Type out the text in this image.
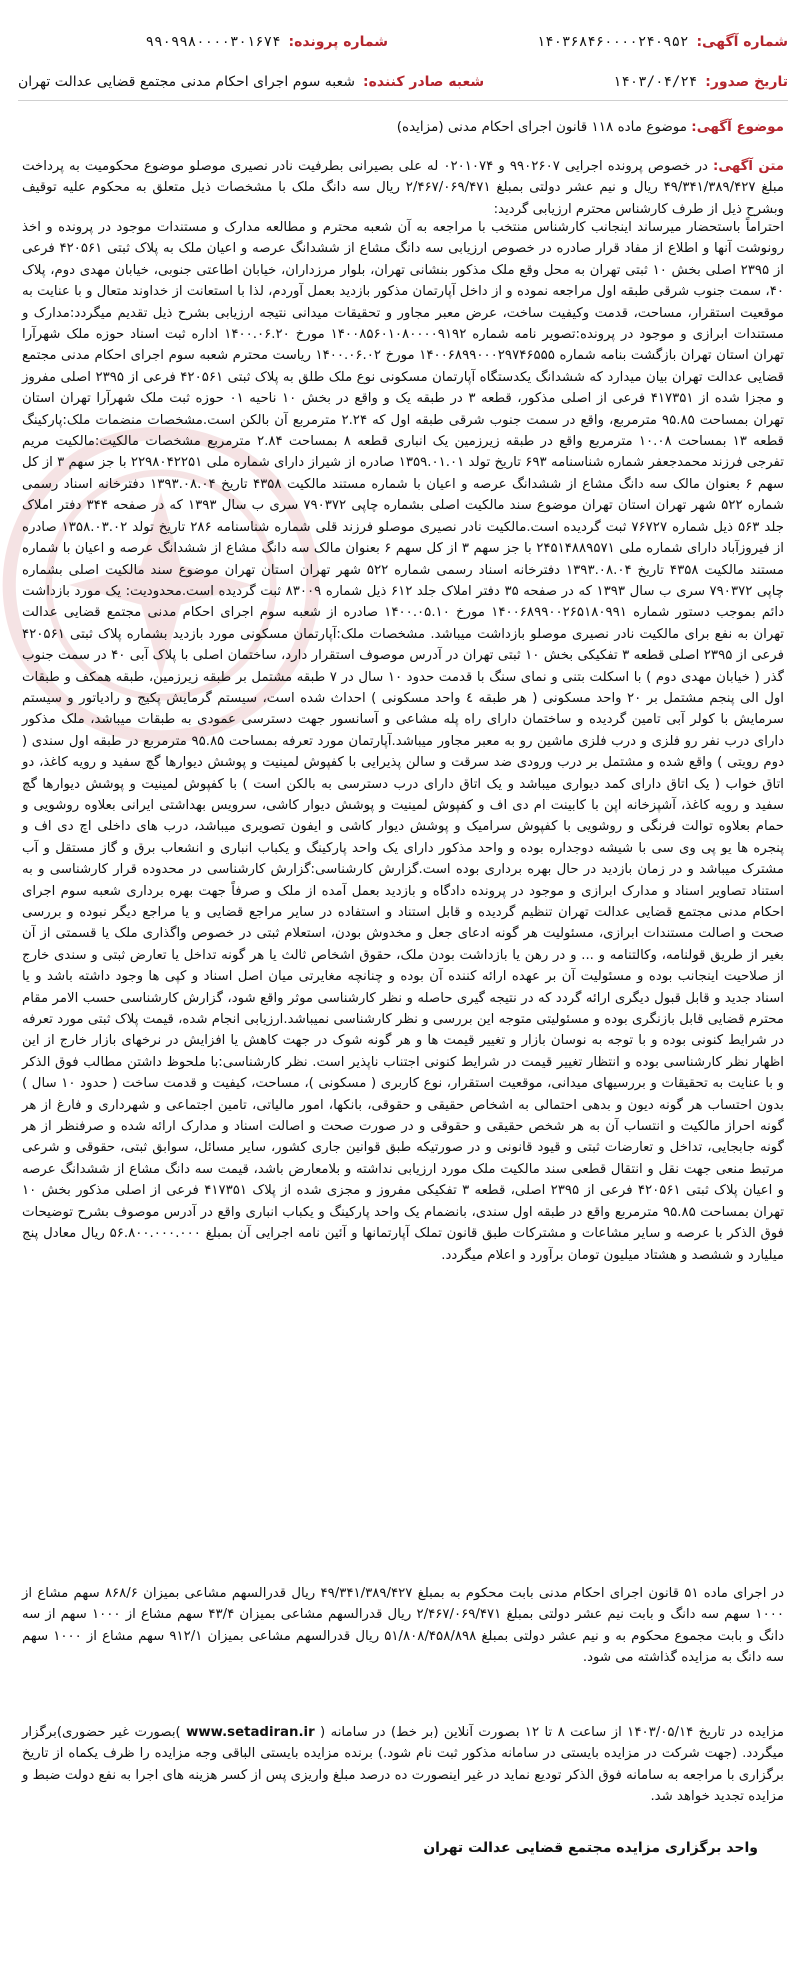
شماره آگهی:
۱۴۰۳۶۸۴۶۰۰۰۰۲۴۰۹۵۲
شماره پرونده:
۹۹۰۹۹۸۰۰۰۰۳۰۱۶۷۴
تاریخ صدور:
۱۴۰۳/۰۴/۲۴
شعبه صادر کننده:
شعبه سوم اجرای احکام مدنی مجتمع قضایی عدالت تهران
موضوع آگهی: موضوع ماده ۱۱۸ قانون اجرای احکام مدنی (مزایده)
متن آگهی: در خصوص پرونده اجرایی ۹۹۰۲۶۰۷ و ۰۲۰۱۰۷۴ له علی بصیرانی بطرفیت نادر نصیری موصلو موضوع محکومیت به پرداخت مبلغ ۴۹/۳۴۱/۳۸۹/۴۲۷ ریال و نیم عشر دولتی بمبلغ ۲/۴۶۷/۰۶۹/۴۷۱ ریال سه دانگ ملک با مشخصات ذیل متعلق به محکوم علیه توقیف وبشرح ذیل از طرف کارشناس محترم ارزیابی گردید:
احتراماً باستحضار میرساند اینجانب کارشناس منتخب با مراجعه به آن شعبه محترم و مطالعه مدارک و مستندات موجود در پرونده و اخذ رونوشت آنها و اطلاع از مفاد قرار صادره در خصوص ارزیابی سه دانگ مشاع از ششدانگ عرصه و اعیان ملک به پلاک ثبتی ۴۲۰۵۶۱ فرعی از ۲۳۹۵ اصلی بخش ۱۰ ثبتی تهران به محل وقع ملک مذکور بنشانی تهران، بلوار مرزداران، خیابان اطاعتی جنوبی، خیابان مهدی دوم، پلاک ۴۰، سمت جنوب شرقی طبقه اول مراجعه نموده و از داخل آپارتمان مذکور بازدید بعمل آوردم، لذا با استعانت از خداوند متعال و با عنایت به موقعیت استقرار، مساحت، قدمت وکیفیت ساخت، عرض معبر مجاور و تحقیقات میدانی نتیجه ارزیابی بشرح ذیل تقدیم میگردد:مدارک و مستندات ابرازی و موجود در پرونده:تصویر نامه شماره ۱۴۰۰۸۵۶۰۱۰۸۰۰۰۰۹۱۹۲ مورخ ۱۴۰۰.۰۶.۲۰ اداره ثبت اسناد حوزه ملک شهرآرا تهران استان تهران بازگشت بنامه شماره ۱۴۰۰۶۸۹۹۰۰۰۲۹۷۴۶۵۵۵ مورخ ۱۴۰۰.۰۶.۰۲ ریاست محترم شعبه سوم اجرای احکام مدنی مجتمع قضایی عدالت تهران بیان میدارد که ششدانگ یکدستگاه آپارتمان مسکونی نوع ملک طلق به پلاک ثبتی ۴۲۰۵۶۱ فرعی از ۲۳۹۵ اصلی مفروز و مجزا شده از ۴۱۷۳۵۱ فرعی از اصلی مذکور، قطعه ۳ در طبقه یک و واقع در بخش ۱۰ ناحیه ۰۱ حوزه ثبت ملک شهرآرا تهران استان تهران بمساحت ۹۵.۸۵ مترمربع، واقع در سمت جنوب شرقی طبقه اول که ۲.۲۴ مترمربع آن بالکن است.مشخصات منضمات ملک:پارکینگ قطعه ۱۳ بمساحت ۱۰.۰۸ مترمربع واقع در طبقه زیرزمین یک انباری قطعه ۸ بمساحت ۲.۸۴ مترمربع مشخصات مالکیت:مالکیت مریم تفرجی فرزند محمدجعفر شماره شناسنامه ۶۹۳ تاریخ تولد ۱۳۵۹.۰۱.۰۱ صادره از شیراز دارای شماره ملی ۲۲۹۸۰۴۲۲۵۱ با جز سهم ۳ از کل سهم ۶ بعنوان مالک سه دانگ مشاع از ششدانگ عرصه و اعیان با شماره مستند مالکیت ۴۳۵۸ تاریخ ۱۳۹۳.۰۸.۰۴ دفترخانه اسناد رسمی شماره ۵۲۲ شهر تهران استان تهران موضوع سند مالکیت اصلی بشماره چاپی ۷۹۰۳۷۲ سری ب سال ۱۳۹۳ که در صفحه ۳۴۴ دفتر املاک جلد ۵۶۳ ذیل شماره ۷۶۷۲۷ ثبت گردیده است.مالکیت نادر نصیری موصلو فرزند قلی شماره شناسنامه ۲۸۶ تاریخ تولد ۱۳۵۸.۰۳.۰۲ صادره از فیروزآباد دارای شماره ملی ۲۴۵۱۴۸۸۹۵۷۱ با جز سهم ۳ از کل سهم ۶ بعنوان مالک سه دانگ مشاع از ششدانگ عرصه و اعیان با شماره مستند مالکیت ۴۳۵۸ تاریخ ۱۳۹۳.۰۸.۰۴ دفترخانه اسناد رسمی شماره ۵۲۲ شهر تهران استان تهران موضوع سند مالکیت اصلی بشماره چاپی ۷۹۰۳۷۲ سری ب سال ۱۳۹۳ که در صفحه ۳۵ دفتر املاک جلد ۶۱۲ ذیل شماره ۸۳۰۰۹ ثبت گردیده است.محدودیت: یک مورد بازداشت دائم بموجب دستور شماره ۱۴۰۰۶۸۹۹۰۰۲۶۵۱۸۰۹۹۱ مورخ ۱۴۰۰.۰۵.۱۰ صادره از شعبه سوم اجرای احکام مدنی مجتمع قضایی عدالت تهران به نفع برای مالکیت نادر نصیری موصلو بازداشت میباشد. مشخصات ملک:آپارتمان مسکونی مورد بازدید بشماره پلاک ثبتی ۴۲۰۵۶۱ فرعی از ۲۳۹۵ اصلی قطعه ۳ تفکیکی بخش ۱۰ ثبتی تهران در آدرس موصوف استقرار دارد، ساختمان اصلی با پلاک آبی ۴۰ در سمت جنوب گذر ( خیابان مهدی دوم ) با اسکلت بتنی و نمای سنگ با قدمت حدود ۱۰ سال در ۷ طبقه مشتمل بر طبقه زیرزمین، طبقه همکف و طبقات اول الی پنجم مشتمل بر ۲۰ واحد مسکونی ( هر طبقه ٤ واحد مسکونی ) احداث شده است، سیستم گرمایش پکیج و رادیاتور و سیستم سرمایش با کولر آبی تامین گردیده و ساختمان دارای راه پله مشاعی و آسانسور جهت دسترسی عمودی به طبقات میباشد، ملک مذکور دارای درب نفر رو فلزی و درب فلزی ماشین رو به معبر مجاور میباشد.آپارتمان مورد تعرفه بمساحت ۹۵.۸۵ مترمربع در طبقه اول سندی ( دوم رویتی ) واقع شده و مشتمل بر درب ورودی ضد سرقت و سالن پذیرایی با کفپوش لمینیت و پوشش دیوارها گچ سفید و رویه کاغذ، دو اتاق خواب ( یک اتاق دارای کمد دیواری میباشد و یک اتاق دارای درب دسترسی به بالکن است ) با کفپوش لمینیت و پوشش دیوارها گچ سفید و رویه کاغذ، آشپزخانه اپن با کابینت ام دی اف و کفپوش لمینیت و پوشش دیوار کاشی، سرویس بهداشتی ایرانی بعلاوه روشویی و حمام بعلاوه توالت فرنگی و روشویی با کفپوش سرامیک و پوشش دیوار کاشی و ایفون تصویری میباشد، درب های داخلی اچ دی اف و پنجره ها یو پی وی سی با شیشه دوجداره بوده و واحد مذکور دارای یک واحد پارکینگ و یکباب انباری و انشعاب برق و گاز مستقل و آب مشترک میباشد و در زمان بازدید در حال بهره برداری بوده است.گزارش کارشناسی:گزارش کارشناسی در محدوده قرار کارشناسی و به استناد تصاویر اسناد و مدارک ابرازی و موجود در پرونده دادگاه و بازدید بعمل آمده از ملک و صرفاً جهت بهره برداری شعبه سوم اجرای احکام مدنی مجتمع قضایی عدالت تهران تنظیم گردیده و قابل استناد و استفاده در سایر مراجع قضایی و یا مراجع دیگر نبوده و بررسی صحت و اصالت مستندات ابرازی، مسئولیت هر گونه ادعای جعل و مخدوش بودن، استعلام ثبتی در خصوص واگذاری ملک یا قسمتی از آن بغیر از طریق قولنامه، وکالتنامه و ... و در رهن یا بازداشت بودن ملک، حقوق اشخاص ثالث یا هر گونه تداخل یا تعارض ثبتی و سندی خارج از صلاحیت اینجانب بوده و مسئولیت آن بر عهده ارائه کننده آن بوده و چنانچه مغایرتی میان اصل اسناد و کپی ها وجود داشته باشد و یا اسناد جدید و قابل قبول دیگری ارائه گردد که در نتیجه گیری حاصله و نظر کارشناسی موثر واقع شود، گزارش کارشناسی حسب الامر مقام محترم قضایی قابل بازنگری بوده و مسئولیتی متوجه این بررسی و نظر کارشناسی نمیباشد.ارزیابی انجام شده، قیمت پلاک ثبتی مورد تعرفه در شرایط کنونی بوده و با توجه به نوسان بازار و تغییر قیمت ها و هر گونه شوک در جهت کاهش یا افزایش در نرخهای بازار خارج از این اظهار نظر کارشناسی بوده و انتظار تغییر قیمت در شرایط کنونی اجتناب ناپذیر است. نظر کارشناسی:با ملحوظ داشتن مطالب فوق الذکر و با عنایت به تحقیقات و بررسیهای میدانی، موقعیت استقرار، نوع کاربری ( مسکونی )، مساحت، کیفیت و قدمت ساخت ( حدود ۱۰ سال ) بدون احتساب هر گونه دیون و بدهی احتمالی به اشخاص حقیقی و حقوقی، بانکها، امور مالیاتی، تامین اجتماعی و شهرداری و فارغ از هر گونه احراز مالکیت و انتساب آن به هر شخص حقیقی و حقوقی و در صورت صحت و اصالت اسناد و مدارک ارائه شده و صرفنظر از هر گونه جابجایی، تداخل و تعارضات ثبتی و قیود قانونی و در صورتیکه طبق قوانین جاری کشور، سایر مسائل، سوابق ثبتی، حقوقی و شرعی مرتبط منعی جهت نقل و انتقال قطعی سند مالکیت ملک مورد ارزیابی نداشته و بلامعارض باشد، قیمت سه دانگ مشاع از ششدانگ عرصه و اعیان پلاک ثبتی ۴۲۰۵۶۱ فرعی از ۲۳۹۵ اصلی، قطعه ۳ تفکیکی مفروز و مجزی شده از پلاک ۴۱۷۳۵۱ فرعی از اصلی مذکور بخش ۱۰ تهران بمساحت ۹۵.۸۵ مترمربع واقع در طبقه اول سندی، بانضمام یک واحد پارکینگ و یکباب انباری واقع در آدرس موصوف بشرح توضیحات فوق الذکر با عرصه و سایر مشاعات و مشترکات طبق قانون تملک آپارتمانها و آئین نامه اجرایی آن بمبلغ ۵۶.۸۰۰.۰۰۰.۰۰۰ ریال معادل پنج میلیارد و ششصد و هشتاد میلیون تومان برآورد و اعلام میگردد.
در اجرای ماده ۵۱ قانون اجرای احکام مدنی بابت محکوم به بمبلغ ۴۹/۳۴۱/۳۸۹/۴۲۷ ریال قدرالسهم مشاعی بمیزان ۸۶۸/۶ سهم مشاع از ۱۰۰۰ سهم سه دانگ و بابت نیم عشر دولتی بمبلغ ۲/۴۶۷/۰۶۹/۴۷۱ ریال قدرالسهم مشاعی بمیزان ۴۳/۴ سهم مشاع از ۱۰۰۰ سهم از سه دانگ و بابت مجموع محکوم به و نیم عشر دولتی بمبلغ ۵۱/۸۰۸/۴۵۸/۸۹۸ ریال قدرالسهم مشاعی بمیزان ۹۱۲/۱ سهم مشاع از ۱۰۰۰ سهم سه دانگ به مزایده گذاشته می شود.
مزایده در تاریخ ۱۴۰۳/۰۵/۱۴ از ساعت ۸ تا ۱۲ بصورت آنلاین (بر خط) در سامانه ( www.setadiran.ir )بصورت غیر حضوری)برگزار میگردد. (جهت شرکت در مزایده بایستی در سامانه مذکور ثبت نام شود.) برنده مزایده بایستی الباقی وجه مزایده را ظرف یکماه از تاریخ برگزاری با مراجعه به سامانه فوق الذکر تودیع نماید در غیر اینصورت ده درصد مبلغ واریزی پس از کسر هزینه های اجرا به نفع دولت ضبط و مزایده تجدید خواهد شد.
واحد برگزاری مزایده مجتمع قضایی عدالت تهران
